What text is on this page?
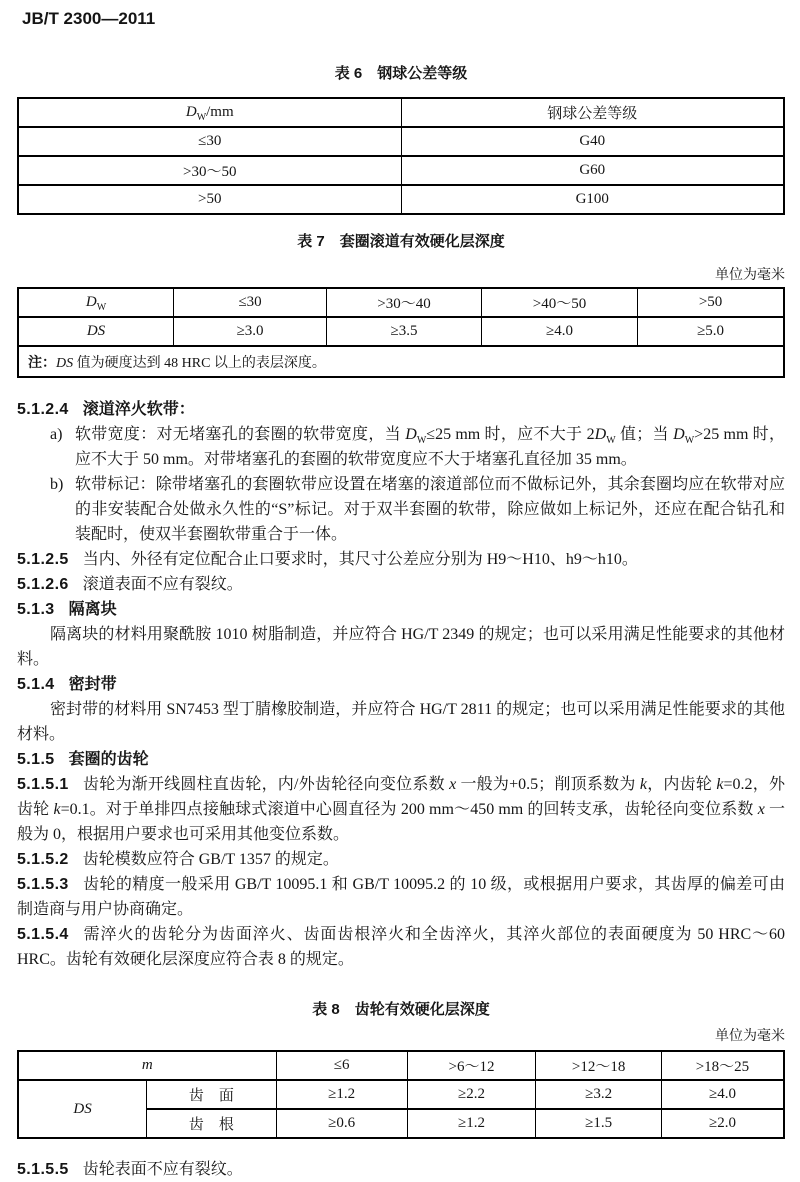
JB/T 2300—2011
表 6 钢球公差等级
$D_W/mm$	钢球公差等级
≤30	G40
>30～50	G60
>50	G100
表 7 套圈滚道有效硬化层深度
单位为毫米
$D_W$	≤30	>30～40	>40～50	>50
DS	≥3.0	≥3.5	≥4.0	≥5.0
注：DS 值为硬度达到 48 HRC 以上的表层深度。				

5.1.2.4 滚道淬火软带：

a) 软带宽度：对无堵塞孔的套圈的软带宽度，当 $D_W\le 25$ mm 时，应不大于 $2D_W$ 值；当 $D_W>25$ mm 时，应不大于 50 mm。对带堵塞孔的套圈的软带宽度应不大于堵塞孔直径加 35 mm。

b) 软带标记：除带堵塞孔的套圈软带应设置在堵塞的滚道部位而不做标记外，其余套圈均应在软带对应的非安装配合处做永久性的“S”标记。对于双半套圈的软带，除应做如上标记外，还应在配合钻孔和装配时，使双半套圈软带重合于一体。

5.1.2.5 当内、外径有定位配合止口要求时，其尺寸公差应分别为 H9～H10、h9～h10。

5.1.2.6 滚道表面不应有裂纹。

5.1.3 隔离块

隔离块的材料用聚酰胺 1010 树脂制造，并应符合 HG/T 2349 的规定；也可以采用满足性能要求的其他材料。

5.1.4 密封带

密封带的材料用 SN7453 型丁腈橡胶制造，并应符合 HG/T 2811 的规定；也可以采用满足性能要求的其他材料。

5.1.5 套圈的齿轮

5.1.5.1 齿轮为渐开线圆柱直齿轮，内/外齿轮径向变位系数 x 一般为+0.5；削顶系数为 k，内齿轮 k=0.2，外齿轮 k=0.1。对于单排四点接触球式滚道中心圆直径为 200 mm～450 mm 的回转支承，齿轮径向变位系数 x 一般为 0，根据用户要求也可采用其他变位系数。

5.1.5.2 齿轮模数应符合 GB/T 1357 的规定。

5.1.5.3 齿轮的精度一般采用 GB/T 10095.1 和 GB/T 10095.2 的 10 级，或根据用户要求，其齿厚的偏差可由制造商与用户协商确定。

5.1.5.4 需淬火的齿轮分为齿面淬火、齿面齿根淬火和全齿淬火，其淬火部位的表面硬度为 50 HRC～60 HRC。齿轮有效硬化层深度应符合表 8 的规定。

表 8 齿轮有效硬化层深度
单位为毫米
m		≤6	>6～12	>12～18	>18～25
DS	齿　面	≥1.2	≥2.2	≥3.2	≥4.0
	齿　根	≥0.6	≥1.2	≥1.5	≥2.0

5.1.5.5 齿轮表面不应有裂纹。
